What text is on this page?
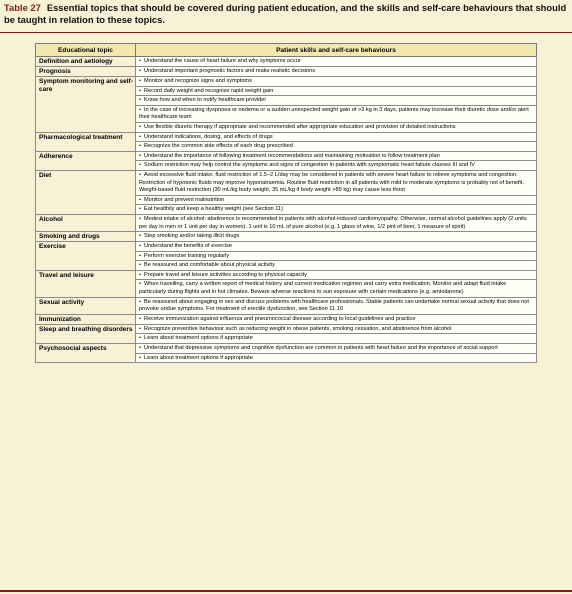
Table 27 Essential topics that should be covered during patient education, and the skills and self-care behaviours that should be taught in relation to these topics.
Educational topic	Patient skills and self-care behaviours
Definition and aetiology	• Understand the cause of heart failure and why symptoms occur
Prognosis	• Understand important prognostic factors and make realistic decisions
Symptom monitoring and self-care	• Monitor and recognize signs and symptoms
	• Record daily weight and recognize rapid weight gain
	• Know how and when to notify healthcare provider
	• In the case of increasing dyspnoea or oedema or a sudden unexpected weight gain of >2 kg in 3 days, patients may increase their diuretic dose and/or alert their healthcare team
	• Use flexible diuretic therapy if appropriate and recommended after appropriate education and provision of detailed instructions
Pharmacological treatment	• Understand indications, dosing, and effects of drugs
	• Recognize the common side effects of each drug prescribed
Adherence	• Understand the importance of following treatment recommendations and maintaining motivation to follow treatment plan
	• Sodium restriction may help control the symptoms and signs of congestion in patients with symptomatic heart failure classes III and IV
Diet	• Avoid excessive fluid intake: fluid restriction of 1.5–2 L/day may be considered in patients with severe heart failure to relieve symptoms and congestion. Restriction of hypotonic fluids may improve hyponatraemia. Routine fluid restriction in all patients with mild to moderate symptoms is probably not of benefit. Weight-based fluid restriction (30 mL/kg body weight, 35 mL/kg if body weight >85 kg) may cause less thirst
	• Monitor and prevent malnutrition
	• Eat healthily and keep a healthy weight (see Section 11)
Alcohol	• Modest intake of alcohol: abstinence is recommended in patients with alcohol-induced cardiomyopathy. Otherwise, normal alcohol guidelines apply (2 units per day in men or 1 unit per day in women). 1 unit is 10 mL of pure alcohol (e.g. 1 glass of wine, 1/2 pint of beer, 1 measure of spirit)
Smoking and drugs	• Stop smoking and/or taking illicit drugs
Exercise	• Understand the benefits of exercise
	• Perform exercise training regularly
	• Be reassured and comfortable about physical activity
Travel and leisure	• Prepare travel and leisure activities according to physical capacity
	• When travelling, carry a written report of medical history and current medication regimen and carry extra medication. Monitor and adapt fluid intake particularly during flights and in hot climates. Beware adverse reactions to sun exposure with certain medications (e.g. amiodarone)
Sexual activity	• Be reassured about engaging in sex and discuss problems with healthcare professionals. Stable patients can undertake normal sexual activity that does not provoke undue symptoms. For treatment of erectile dysfunction, see Section 11.10
Immunization	• Receive immunization against influenza and pneumococcal disease according to local guidelines and practice
Sleep and breathing disorders	• Recognize preventive behaviour such as reducing weight in obese patients, smoking cessation, and abstinence from alcohol
	• Learn about treatment options if appropriate
Psychosocial aspects	• Understand that depressive symptoms and cognitive dysfunction are common in patients with heart failure and the importance of social support
	• Learn about treatment options if appropriate
